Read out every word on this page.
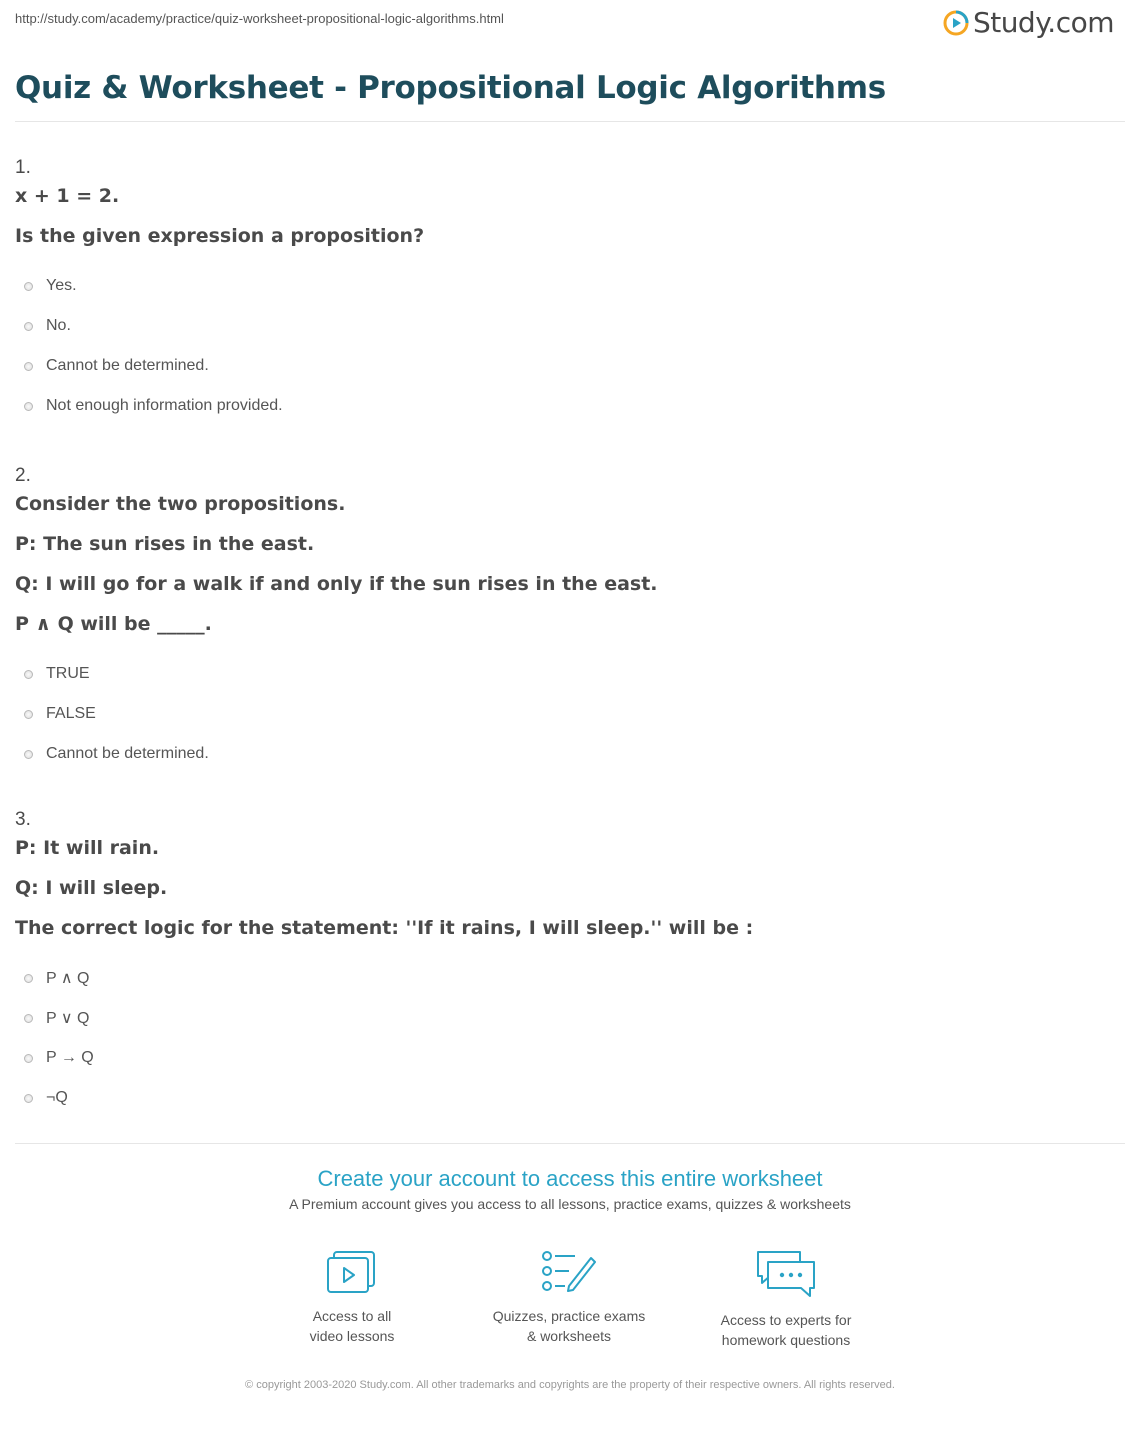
http://study.com/academy/practice/quiz-worksheet-propositional-logic-algorithms.html	Study.com
Quiz & Worksheet - Propositional Logic Algorithms
1.
x + 1 = 2.
Is the given expression a proposition?
Yes.
No.
Cannot be determined.
Not enough information provided.
2.
Consider the two propositions.
P: The sun rises in the east.
Q: I will go for a walk if and only if the sun rises in the east.
P ∧ Q will be _____.
TRUE
FALSE
Cannot be determined.
3.
P: It will rain.
Q: I will sleep.
The correct logic for the statement: ''If it rains, I will sleep.'' will be :
P ∧ Q
P ∨ Q
P → Q
¬Q
Create your account to access this entire worksheet
A Premium account gives you access to all lessons, practice exams, quizzes & worksheets
Access to all
video lessons
Quizzes, practice exams
& worksheets
Access to experts for
homework questions
© copyright 2003-2020 Study.com. All other trademarks and copyrights are the property of their respective owners. All rights reserved.
